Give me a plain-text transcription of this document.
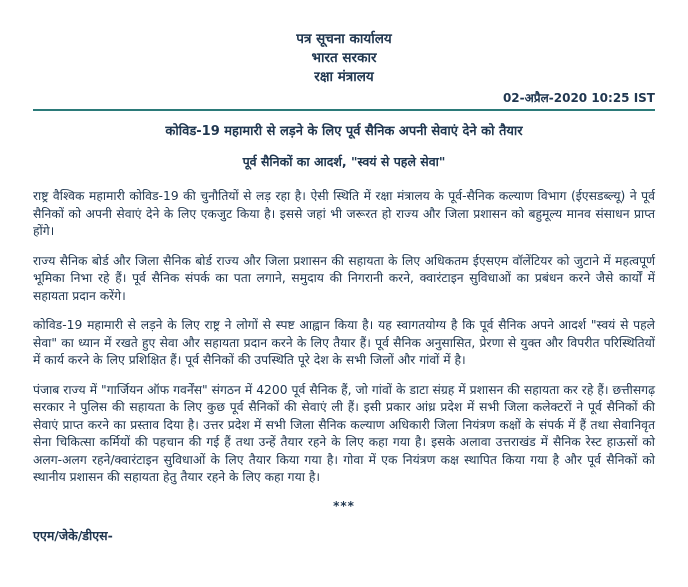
पत्र सूचना कार्यालय
भारत सरकार
रक्षा मंत्रालय
02-अप्रैल-2020 10:25 IST
कोविड-19 महामारी से लड़ने के लिए पूर्व सैनिक अपनी सेवाएं देने को तैयार
पूर्व सैनिकों का आदर्श, "स्वयं से पहले सेवा"

राष्ट्र वैश्विक महामारी कोविड-19 की चुनौतियों से लड़ रहा है। ऐसी स्थिति में रक्षा मंत्रालय के पूर्व-सैनिक कल्याण विभाग (ईएसडब्ल्यू) ने पूर्व सैनिकों को अपनी सेवाएं देने के लिए एकजुट किया है। इससे जहां भी जरूरत हो राज्य और जिला प्रशासन को बहुमूल्य मानव संसाधन प्राप्त होंगे।

राज्य सैनिक बोर्ड और जिला सैनिक बोर्ड राज्य और जिला प्रशासन की सहायता के लिए अधिकतम ईएसएम वॉलेंटियर को जुटाने में महत्वपूर्ण भूमिका निभा रहे हैं। पूर्व सैनिक संपर्क का पता लगाने, समुदाय की निगरानी करने, क्वारंटाइन सुविधाओं का प्रबंधन करने जैसे कार्यों में सहायता प्रदान करेंगे।

कोविड-19 महामारी से लड़ने के लिए राष्ट्र ने लोगों से स्पष्ट आह्वान किया है। यह स्वागतयोग्य है कि पूर्व सैनिक अपने आदर्श "स्वयं से पहले सेवा" का ध्यान में रखते हुए सेवा और सहायता प्रदान करने के लिए तैयार हैं। पूर्व सैनिक अनुसासित, प्रेरणा से युक्त और विपरीत परिस्थितियों में कार्य करने के लिए प्रशिक्षित हैं। पूर्व सैनिकों की उपस्थिति पूरे देश के सभी जिलों और गांवों में है।

पंजाब राज्य में "गार्जियन ऑफ गवर्नेंस" संगठन में 4200 पूर्व सैनिक हैं, जो गांवों के डाटा संग्रह में प्रशासन की सहायता कर रहे हैं। छत्तीसगढ़ सरकार ने पुलिस की सहायता के लिए कुछ पूर्व सैनिकों की सेवाएं ली हैं। इसी प्रकार आंध्र प्रदेश में सभी जिला कलेक्टरों ने पूर्व सैनिकों की सेवाएं प्राप्त करने का प्रस्ताव दिया है। उत्तर प्रदेश में सभी जिला सैनिक कल्याण अधिकारी जिला नियंत्रण कक्षों के संपर्क में हैं तथा सेवानिवृत सेना चिकित्सा कर्मियों की पहचान की गई हैं तथा उन्हें तैयार रहने के लिए कहा गया है। इसके अलावा उत्तराखंड में सैनिक रेस्ट हाऊसों को अलग-अलग रहने/क्वारंटाइन सुविधाओं के लिए तैयार किया गया है। गोवा में एक नियंत्रण कक्ष स्थापित किया गया है और पूर्व सैनिकों को स्थानीय प्रशासन की सहायता हेतु तैयार रहने के लिए कहा गया है।

***
एएम/जेके/डीएस-
